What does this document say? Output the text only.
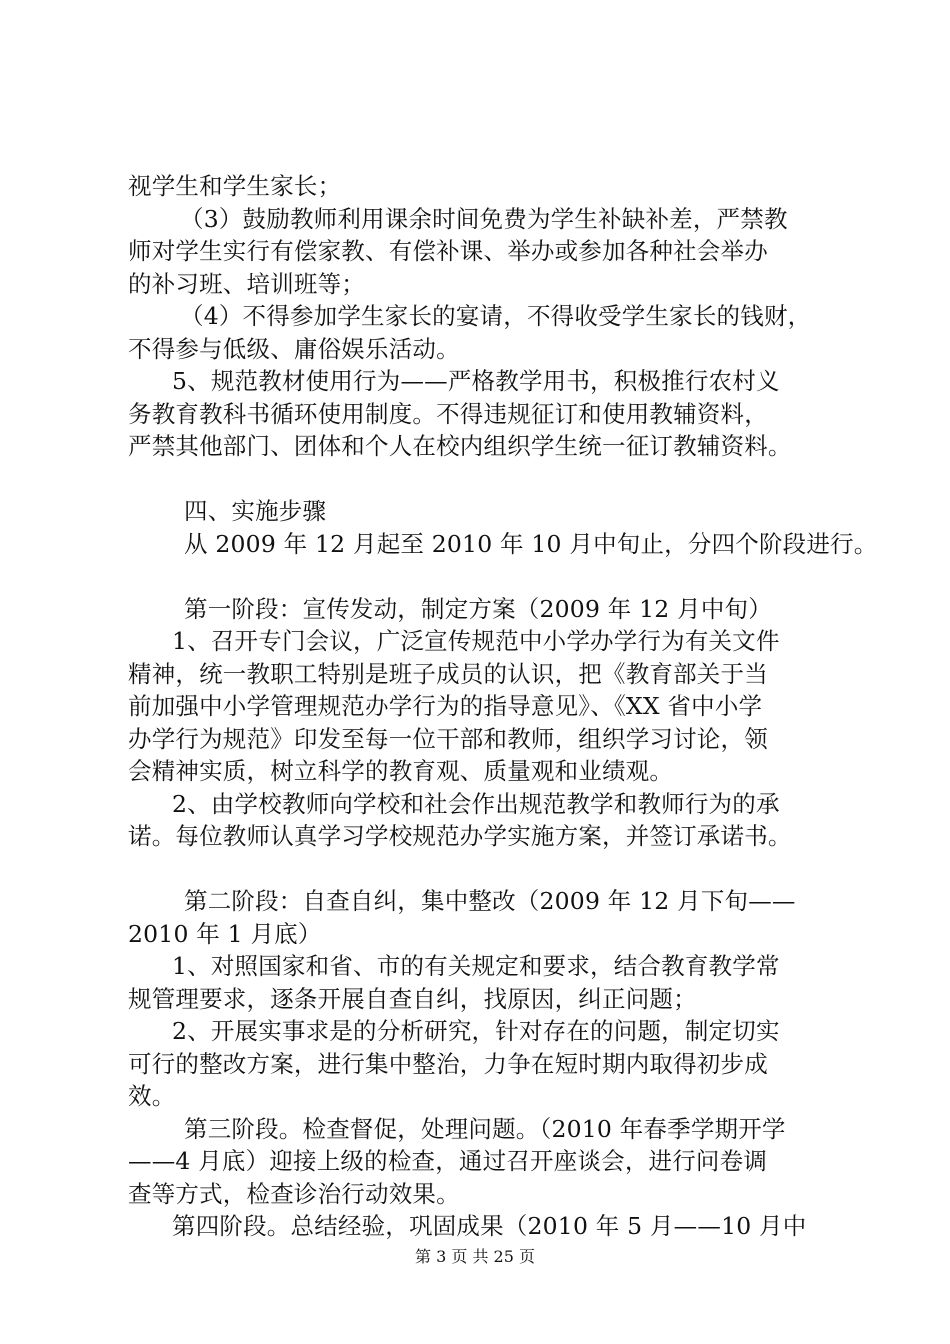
视学生和学生家长；
（3）鼓励教师利用课余时间免费为学生补缺补差，严禁教
师对学生实行有偿家教、有偿补课、举办或参加各种社会举办
的补习班、培训班等；
（4）不得参加学生家长的宴请，不得收受学生家长的钱财，
不得参与低级、庸俗娱乐活动。
5、规范教材使用行为——严格教学用书，积极推行农村义
务教育教科书循环使用制度。不得违规征订和使用教辅资料，
严禁其他部门、团体和个人在校内组织学生统一征订教辅资料。
四、实施步骤
从 2009 年 12 月起至 2010 年 10 月中旬止，分四个阶段进行。
第一阶段：宣传发动，制定方案（2009 年 12 月中旬）
1、召开专门会议，广泛宣传规范中小学办学行为有关文件
精神，统一教职工特别是班子成员的认识，把《教育部关于当
前加强中小学管理规范办学行为的指导意见》、《XX 省中小学
办学行为规范》印发至每一位干部和教师，组织学习讨论，领
会精神实质，树立科学的教育观、质量观和业绩观。
2、由学校教师向学校和社会作出规范教学和教师行为的承
诺。每位教师认真学习学校规范办学实施方案，并签订承诺书。
第二阶段：自查自纠，集中整改（2009 年 12 月下旬——
2010 年 1 月底）
1、对照国家和省、市的有关规定和要求，结合教育教学常
规管理要求，逐条开展自查自纠，找原因，纠正问题；
2、开展实事求是的分析研究，针对存在的问题，制定切实
可行的整改方案，进行集中整治，力争在短时期内取得初步成
效。
第三阶段。检查督促，处理问题。（2010 年春季学期开学
——4 月底）迎接上级的检查，通过召开座谈会，进行问卷调
查等方式，检查诊治行动效果。
第四阶段。总结经验，巩固成果（2010 年 5 月——10 月中
第 3 页 共 25 页
